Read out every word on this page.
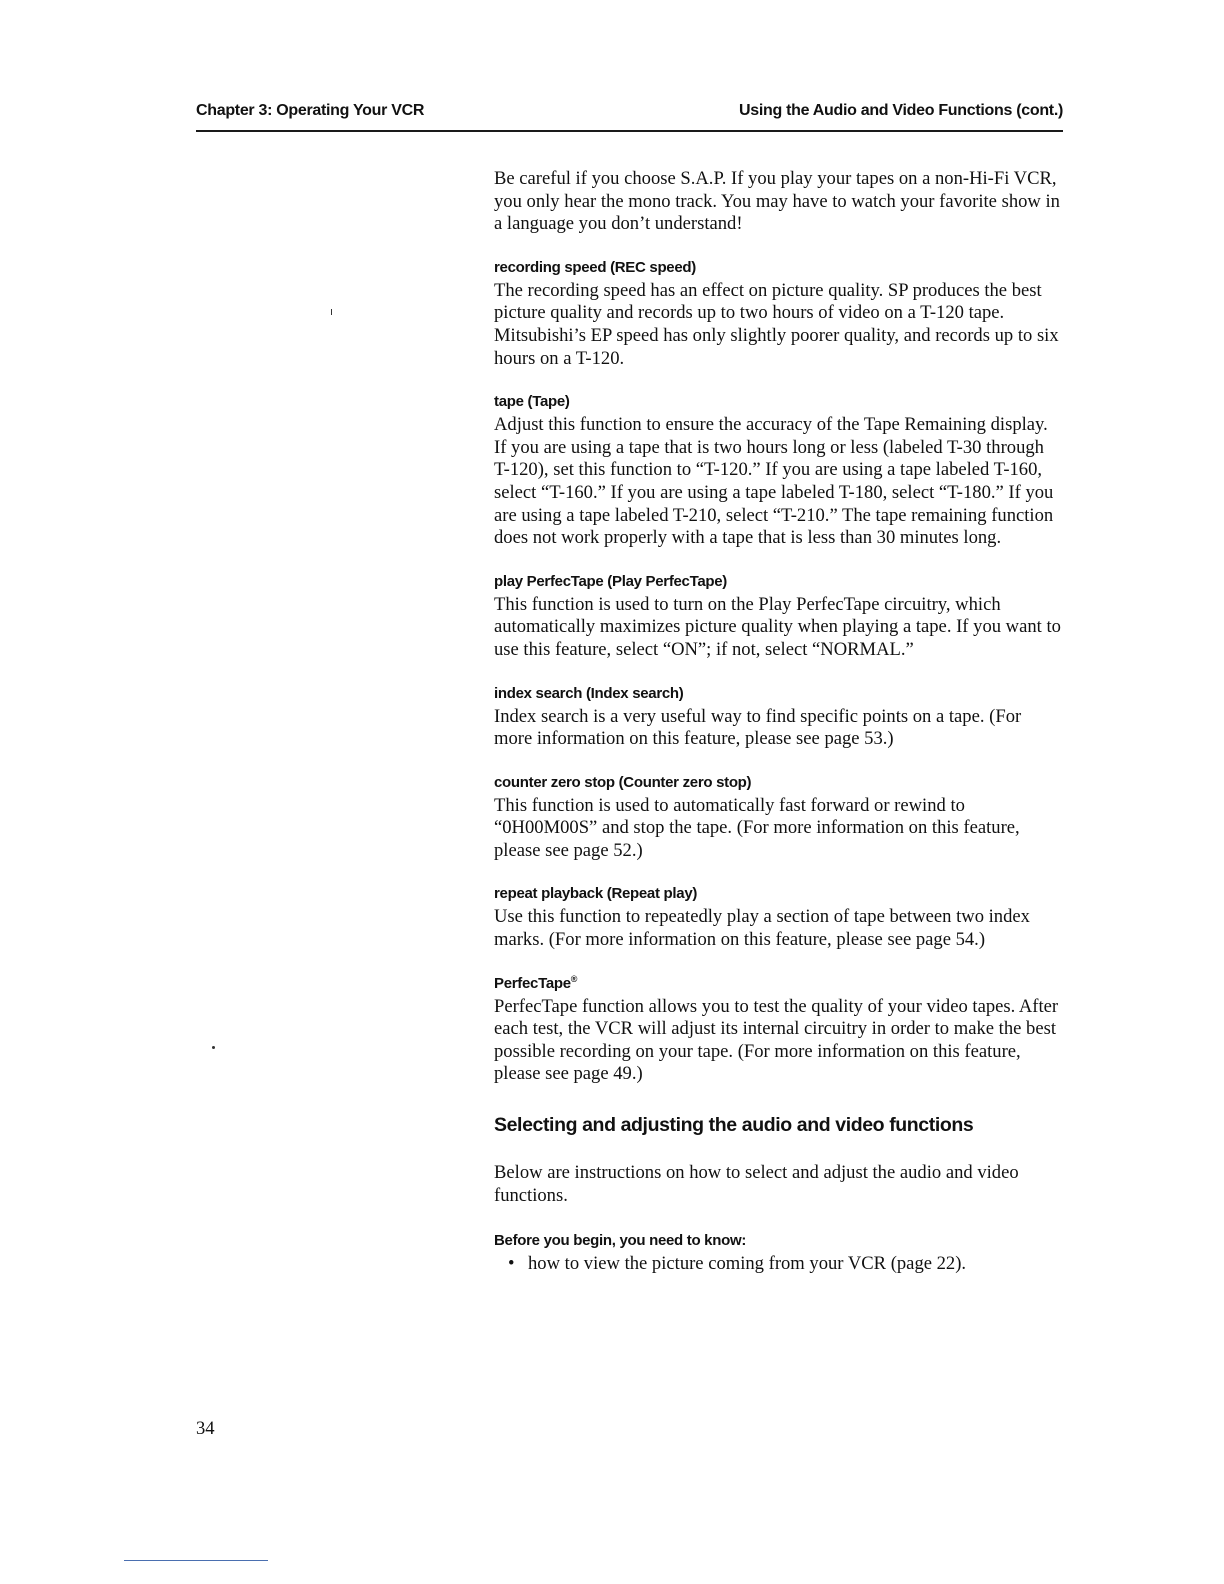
Chapter 3: Operating Your VCR	Using the Audio and Video Functions (cont.)

Be careful if you choose S.A.P. If you play your tapes on a non-Hi-Fi VCR, you only hear the mono track. You may have to watch your favorite show in a language you don’t understand!

recording speed (REC speed)

The recording speed has an effect on picture quality. SP produces the best picture quality and records up to two hours of video on a T-120 tape. Mitsubishi’s EP speed has only slightly poorer quality, and records up to six hours on a T-120.

tape (Tape)

Adjust this function to ensure the accuracy of the Tape Remaining display. If you are using a tape that is two hours long or less (labeled T-30 through T-120), set this function to “T-120.” If you are using a tape labeled T-160, select “T-160.” If you are using a tape labeled T-180, select “T-180.” If you are using a tape labeled T-210, select “T-210.” The tape remaining function does not work properly with a tape that is less than 30 minutes long.

play PerfecTape (Play PerfecTape)

This function is used to turn on the Play PerfecTape circuitry, which automatically maximizes picture quality when playing a tape. If you want to use this feature, select “ON”; if not, select “NORMAL.”

index search (Index search)

Index search is a very useful way to find specific points on a tape. (For more information on this feature, please see page 53.)

counter zero stop (Counter zero stop)

This function is used to automatically fast forward or rewind to “0H00M00S” and stop the tape. (For more information on this feature, please see page 52.)

repeat playback (Repeat play)

Use this function to repeatedly play a section of tape between two index marks. (For more information on this feature, please see page 54.)

PerfecTape®

PerfecTape function allows you to test the quality of your video tapes. After each test, the VCR will adjust its internal circuitry in order to make the best possible recording on your tape. (For more information on this feature, please see page 49.)

Selecting and adjusting the audio and video functions

Below are instructions on how to select and adjust the audio and video functions.

Before you begin, you need to know:
• how to view the picture coming from your VCR (page 22).
34
